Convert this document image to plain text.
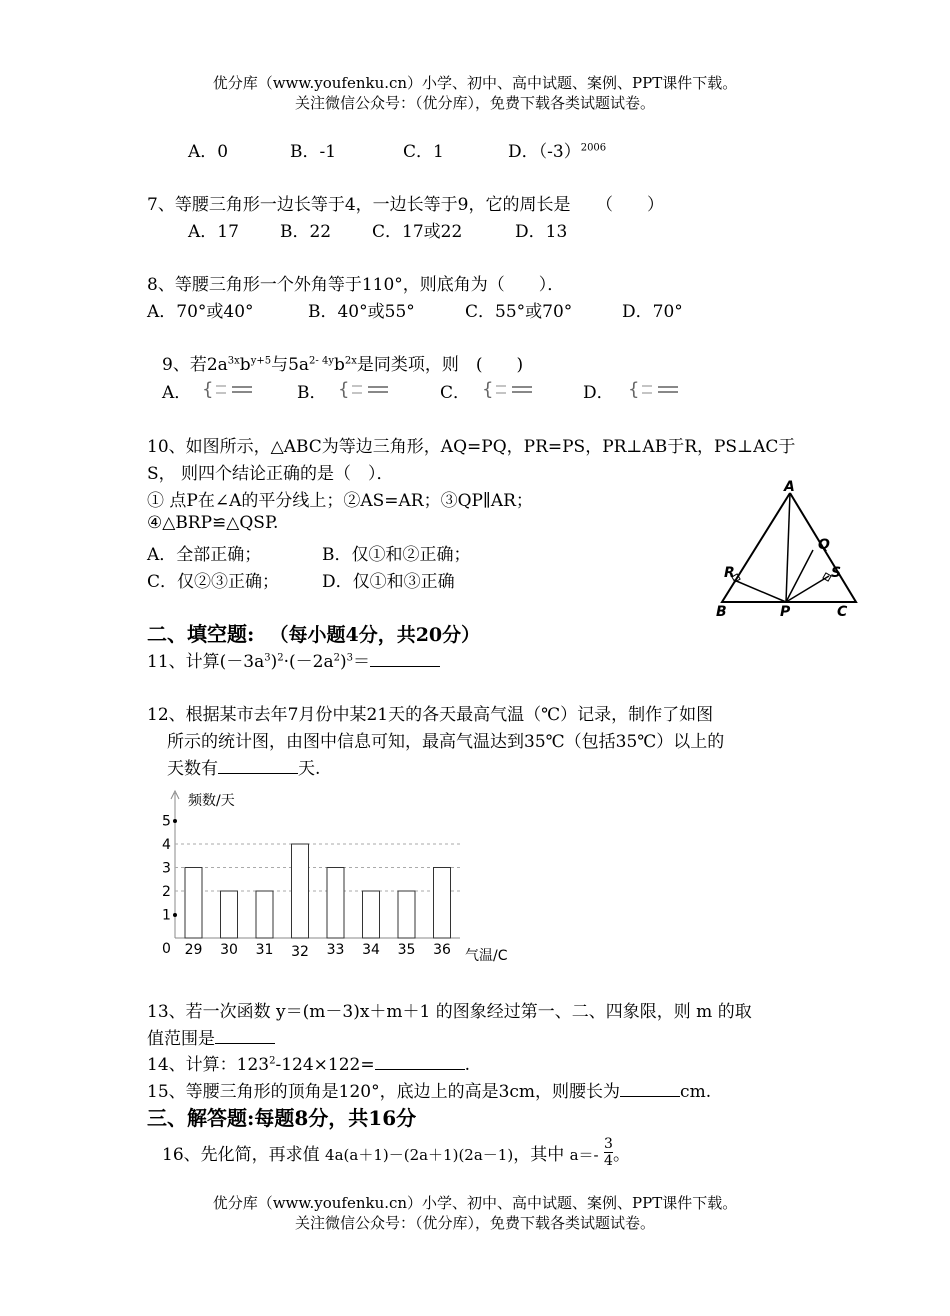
优分库（www.youfenku.cn）小学、初中、高中试题、案例、PPT课件下载。
关注微信公众号：（优分库），免费下载各类试题试卷。
A．0	B．-1	C．1	D．$(-3)^{2006}$
7、等腰三角形一边长等于4，一边长等于9，它的周长是　　（　　）
A．17 B．22 C．17或22	D．13
8、等腰三角形一个外角等于110°，则底角为（　　）．
A．70°或40°	B．40°或55°	C．55°或70°	D．70°
9、若$2a^{3x}b^{y+5}$与$5a^{2- 4y}b^{2x}$是同类项，则　(　　)
A． {	B． {	C． {	D． {
10、如图所示，△ABC为等边三角形，AQ=PQ，PR=PS，PR⊥AB于R，PS⊥AC于
S， 则四个结论正确的是（　）．
① 点P在∠A的平分线上；②AS=AR；③QP∥AR；
④△BRP≌△QSP.
A．全部正确；	B．仅①和②正确；
C．仅②③正确；	D．仅①和③正确
A
B	C
P
Q
R	S
二、填空题: （每小题4分，共20分）
11、计算$(-3a^3)^2\cdot(-2a^2)^3=$
12、根据某市去年7月份中某21天的各天最高气温（℃）记录，制作了如图
所示的统计图，由图中信息可知，最高气温达到35℃（包括35℃）以上的
天数有	天.
频数/天
气温/C
0
1
2
3
4
5
29 30 31 32 33 34 35 36
13、若一次函数 y＝(m－3)x＋m＋1 的图象经过第一、二、四象限，则 m 的取
值范围是
14、计算：$123^2-124\times 122=$	.
15、等腰三角形的顶角是120°，底边上的高是3cm，则腰长为	cm.
三、解答题:每题8分，共16分
16、先化简，再求值 4a(a＋1)－(2a＋1)(2a－1)，其中 $a=- \frac{3}{4}$ 。
优分库（www.youfenku.cn）小学、初中、高中试题、案例、PPT课件下载。
关注微信公众号：（优分库），免费下载各类试题试卷。
